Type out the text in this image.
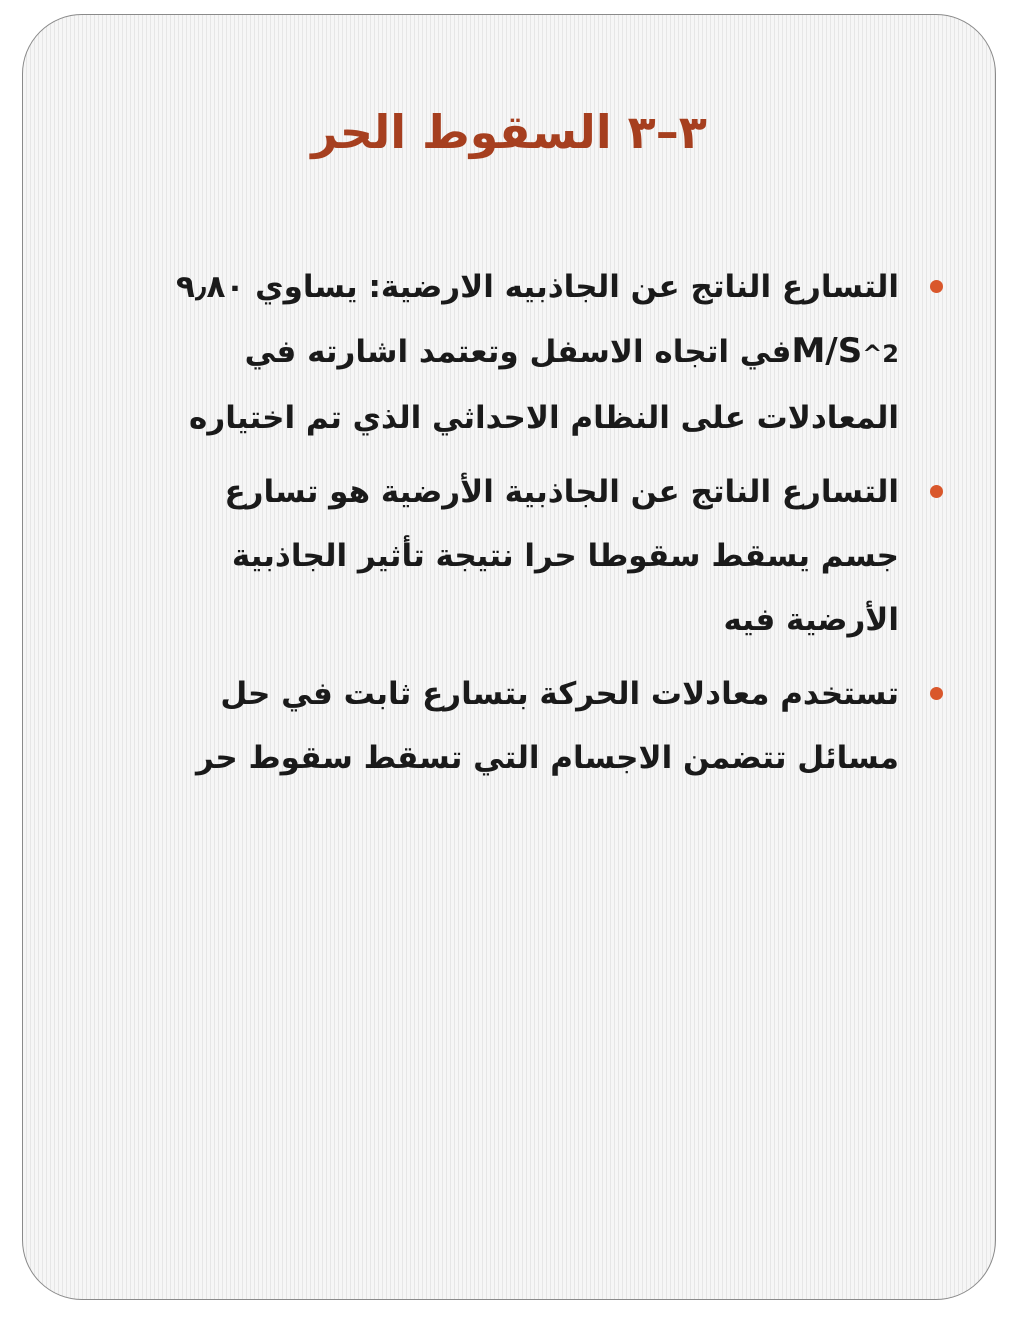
٣–٣ السقوط الحر
التسارع الناتج عن الجاذبيه الارضية: يساوي ٩٫٨٠ M/S^2في اتجاه الاسفل وتعتمد اشارته في المعادلات على النظام الاحداثي الذي تم اختياره
التسارع الناتج عن الجاذبية الأرضية هو تسارع جسم يسقط سقوطا حرا نتيجة تأثير الجاذبية الأرضية فيه
تستخدم معادلات الحركة بتسارع ثابت في حل مسائل تتضمن الاجسام التي تسقط سقوط حر
